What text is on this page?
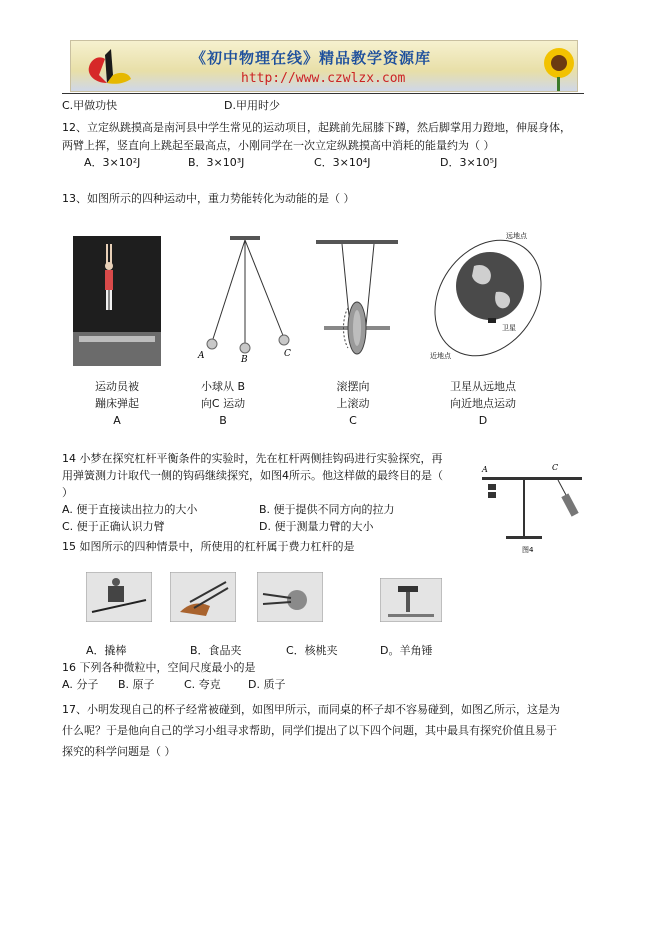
《初中物理在线》精品教学资源库
http://www.czwlzx.com
C.甲做功快	D.甲用时少
12、立定纵跳摸高是南河县中学生常见的运动项目，起跳前先屈膝下蹲，然后脚掌用力蹬地，伸展身体，
两臂上挥，竖直向上跳起至最高点，小刚同学在一次立定纵跳摸高中消耗的能量约为（ ）
A．3×10²J	B．3×10³J	C．3×10⁴J	D．3×10⁵J
13、如图所示的四种运动中，重力势能转化为动能的是（ ）
A	B
C
远地点
卫星
近地点
运动员被
蹦床弹起
A
小球从 B
向C 运动
B
滚摆向
上滚动
C
卫星从远地点
向近地点运动
D
14 小梦在探究杠杆平衡条件的实验时，先在杠杆两侧挂钩码进行实验探究，再
用弹簧测力计取代一侧的钩码继续探究，如图4所示。他这样做的最终目的是（
）
A. 便于直接读出拉力的大小	B. 便于提供不同方向的拉力
C. 便于正确认识力臂	D. 便于测量力臂的大小
A	C
图4
15 如图所示的四种情景中，所使用的杠杆属于费力杠杆的是
A．撬棒	B．食品夹	C．核桃夹	D。羊角锤
16 下列各种微粒中，空间尺度最小的是
A. 分子 B. 原子	C. 夸克 D. 质子
17、小明发现自己的杯子经常被碰到，如图甲所示，而同桌的杯子却不容易碰到，如图乙所示，这是为
什么呢？于是他向自己的学习小组寻求帮助，同学们提出了以下四个问题，其中最具有探究价值且易于
探究的科学问题是（ ）
